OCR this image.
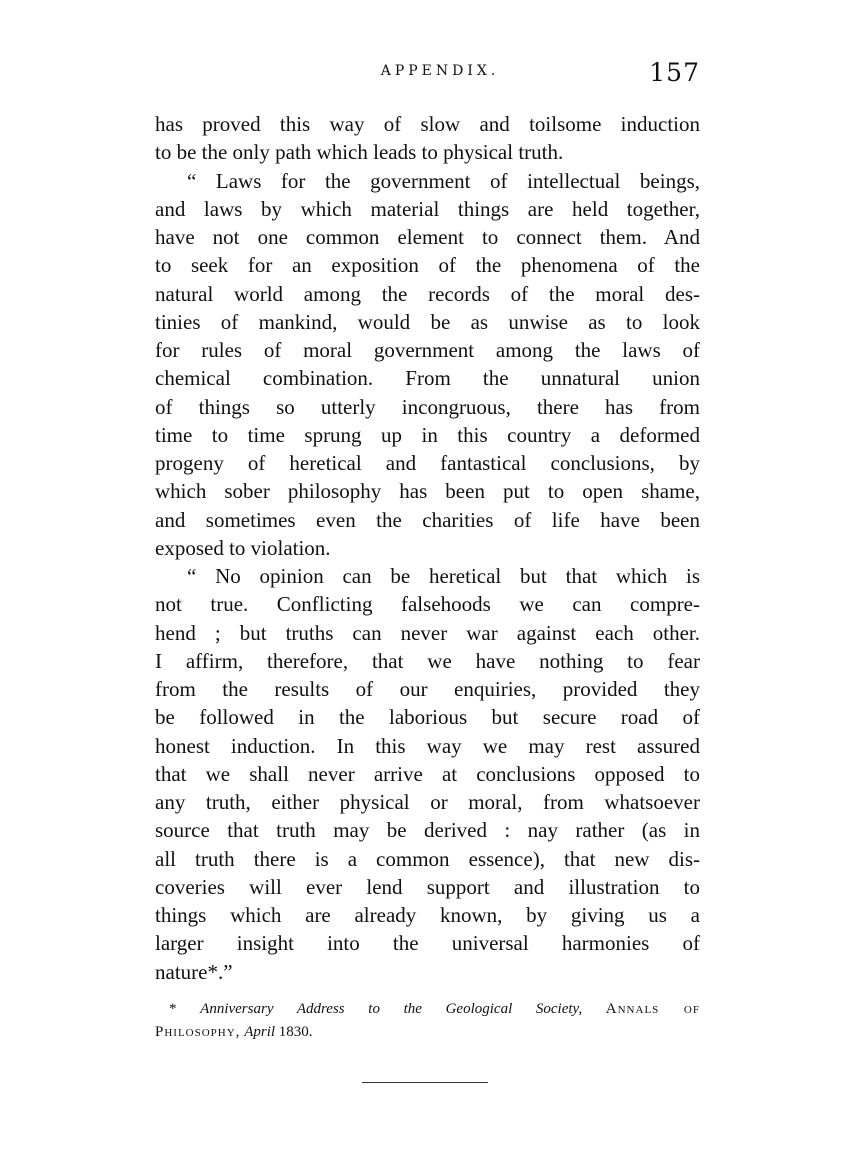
APPENDIX.	157
has proved this way of slow and toilsome induction
to be the only path which leads to physical truth.
“ Laws for the government of intellectual beings,
and laws by which material things are held together,
have not one common element to connect them. And
to seek for an exposition of the phenomena of the
natural world among the records of the moral des-
tinies of mankind, would be as unwise as to look
for rules of moral government among the laws of
chemical combination. From the unnatural union
of things so utterly incongruous, there has from
time to time sprung up in this country a deformed
progeny of heretical and fantastical conclusions, by
which sober philosophy has been put to open shame,
and sometimes even the charities of life have been
exposed to violation.
“ No opinion can be heretical but that which is
not true. Conflicting falsehoods we can compre-
hend ; but truths can never war against each other.
I affirm, therefore, that we have nothing to fear
from the results of our enquiries, provided they
be followed in the laborious but secure road of
honest induction. In this way we may rest assured
that we shall never arrive at conclusions opposed to
any truth, either physical or moral, from whatsoever
source that truth may be derived : nay rather (as in
all truth there is a common essence), that new dis-
coveries will ever lend support and illustration to
things which are already known, by giving us a
larger insight into the universal harmonies of
nature*.”
* Anniversary Address to the Geological Society, Annals of
Philosophy, April 1830.
